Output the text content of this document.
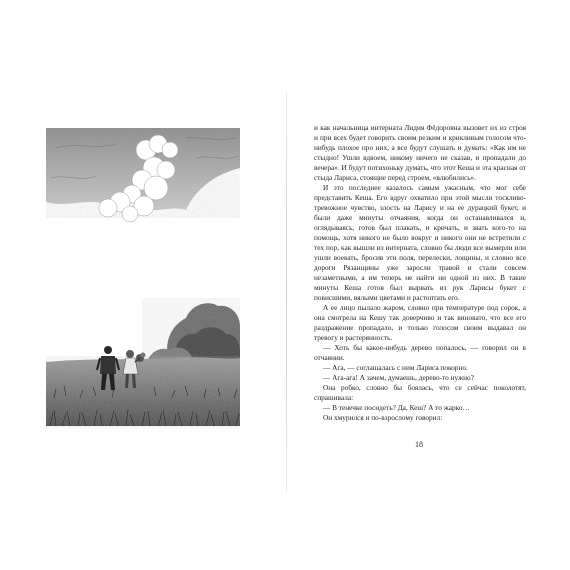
и как начальница интерната Лидия Фёдоровна вызовет их из строя и при всех будет говорить своим резким и крикливым голосом что-нибудь плохое про них, а все будут слушать и думать: «Как им не стыдно! Ушли вдвоем, никому ничего не сказав, и пропадали до вечера». И будут потихоньку думать, что этот Кеша и эта красная от стыда Лариса, стоящие перед строем, «влюбились».

И это последнее казалось самым ужасным, что мог себе представить Кеша. Его вдруг охватило при этой мысли тоскливо-тревожное чувство, злость на Ларису и на ее дурацкий букет, и были даже минуты отчаяния, когда он останавливался и, оглядываясь, готов был плакать, и кричать, и звать кого-то на помощь, хотя никого не было вокруг и никого они не встретили с тех пор, как вышли из интерната, словно бы люди все вымерли или ушли воевать, бросив эти поля, перелески, лощины, и словно все дороги Рязанщины уже заросли травой и стали совсем незаметными, а им теперь не найти ни одной из них. В такие минуты Кеша готов был вырвать из рук Ларисы букет с повисшими, вялыми цветами и растоптать его.

А ее лицо пылало жаром, словно при температуре под сорок, а она смотрела на Кешу так доверчиво и так виновато, что все его раздражение пропадало, и только голосом своим выдавал он тревогу и растерянность.

— Хоть бы какое-нибудь дерево попалось, — говорил он в отчаянии.

— Ага, — соглашалась с ним Лариса покорно.

— Ага-ага! А зачем, думаешь, дерево-то нужно?

Она робко, словно бы боялась, что се сейчас поколотят, спрашивала:

— В тенечке посидеть? Да, Кеш? А то жарко…

Он хмурился и по-взрослому говорил:

18
